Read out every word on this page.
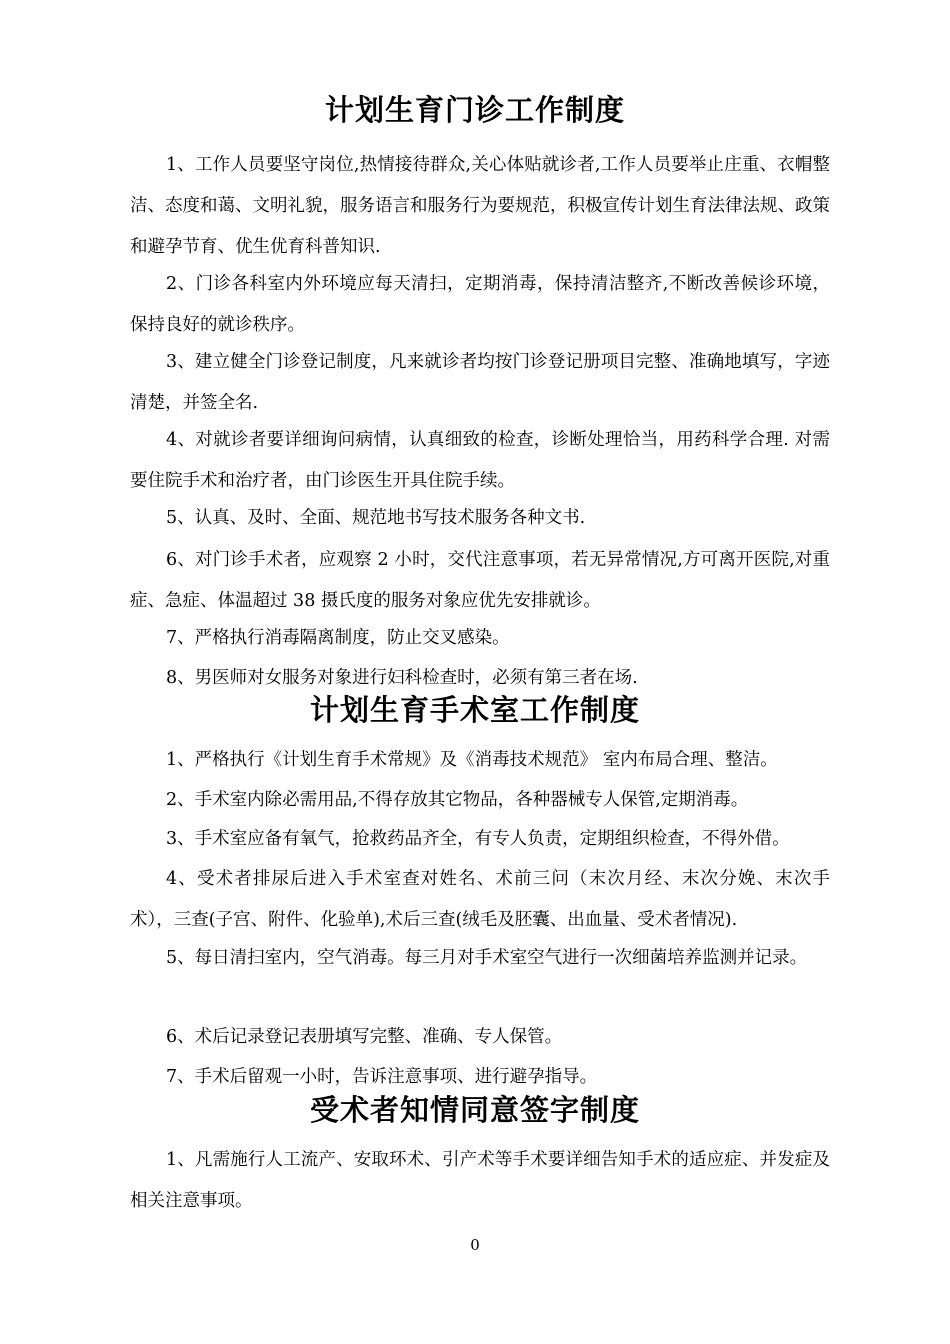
计划生育门诊工作制度

1、工作人员要坚守岗位,热情接待群众,关心体贴就诊者,工作人员要举止庄重、衣帽整洁、态度和蔼、文明礼貌，服务语言和服务行为要规范，积极宣传计划生育法律法规、政策和避孕节育、优生优育科普知识.

2、门诊各科室内外环境应每天清扫，定期消毒，保持清洁整齐,不断改善候诊环境，保持良好的就诊秩序。

3、建立健全门诊登记制度，凡来就诊者均按门诊登记册项目完整、准确地填写，字迹清楚，并签全名.

4、对就诊者要详细询问病情，认真细致的检查，诊断处理恰当，用药科学合理. 对需要住院手术和治疗者，由门诊医生开具住院手续。

5、认真、及时、全面、规范地书写技术服务各种文书.

6、对门诊手术者，应观察 2 小时，交代注意事项，若无异常情况,方可离开医院,对重症、急症、体温超过 38 摄氏度的服务对象应优先安排就诊。

7、严格执行消毒隔离制度，防止交叉感染。

8、男医师对女服务对象进行妇科检查时，必须有第三者在场.

计划生育手术室工作制度

1、严格执行《计划生育手术常规》及《消毒技术规范》 室内布局合理、整洁。

2、手术室内除必需用品,不得存放其它物品，各种器械专人保管,定期消毒。

3、手术室应备有氧气，抢救药品齐全，有专人负责，定期组织检查，不得外借。

4、受术者排尿后进入手术室查对姓名、术前三问（末次月经、末次分娩、末次手术），三查(子宫、附件、化验单),术后三查(绒毛及胚囊、出血量、受术者情况).

5、每日清扫室内，空气消毒。每三月对手术室空气进行一次细菌培养监测并记录。

6、术后记录登记表册填写完整、准确、专人保管。

7、手术后留观一小时，告诉注意事项、进行避孕指导。

受术者知情同意签字制度

1、凡需施行人工流产、安取环术、引产术等手术要详细告知手术的适应症、并发症及相关注意事项。

0
